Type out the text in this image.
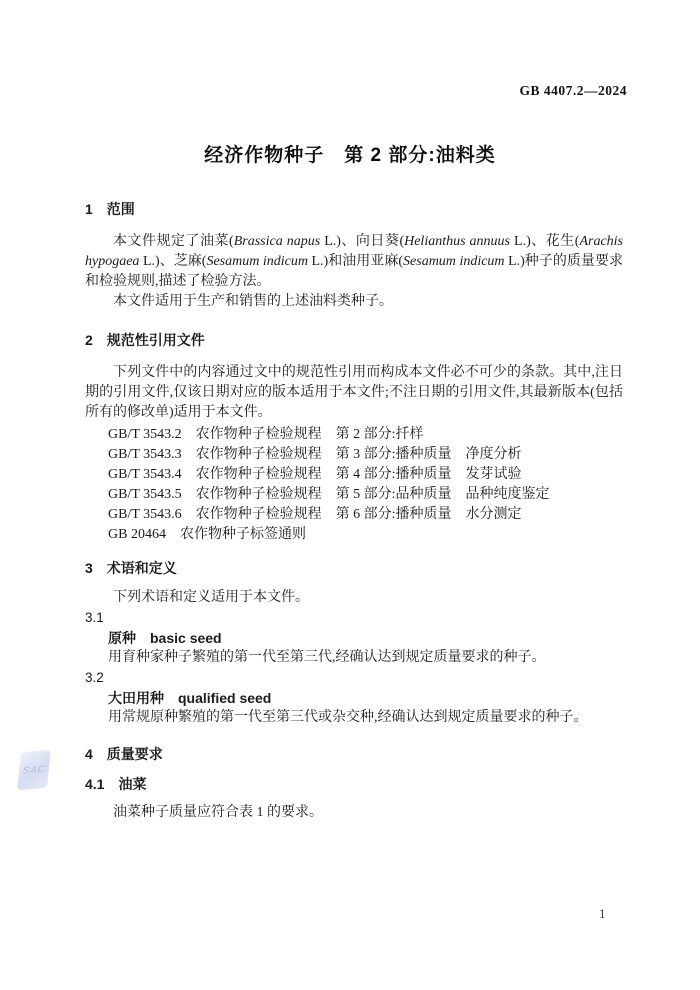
GB 4407.2—2024
经济作物种子　第 2 部分:油料类
1　范围

本文件规定了油菜(Brassica napus L.)、向日葵(Helianthus annuus L.)、花生(Arachis hypogaea L.)、芝麻(Sesamum indicum L.)和油用亚麻(Sesamum indicum L.)种子的质量要求和检验规则,描述了检验方法。

本文件适用于生产和销售的上述油料类种子。

2　规范性引用文件

下列文件中的内容通过文中的规范性引用而构成本文件必不可少的条款。其中,注日期的引用文件,仅该日期对应的版本适用于本文件;不注日期的引用文件,其最新版本(包括所有的修改单)适用于本文件。

GB/T 3543.2　农作物种子检验规程　第 2 部分:扦样
GB/T 3543.3　农作物种子检验规程　第 3 部分:播种质量　净度分析
GB/T 3543.4　农作物种子检验规程　第 4 部分:播种质量　发芽试验
GB/T 3543.5　农作物种子检验规程　第 5 部分:品种质量　品种纯度鉴定
GB/T 3543.6　农作物种子检验规程　第 6 部分:播种质量　水分测定
GB 20464　农作物种子标签通则
3　术语和定义

下列术语和定义适用于本文件。

3.1
原种　basic seed

用育种家种子繁殖的第一代至第三代,经确认达到规定质量要求的种子。

3.2
大田用种　qualified seed

用常规原种繁殖的第一代至第三代或杂交种,经确认达到规定质量要求的种子。

4　质量要求
4.1　油菜

油菜种子质量应符合表 1 的要求。

SAC
1
